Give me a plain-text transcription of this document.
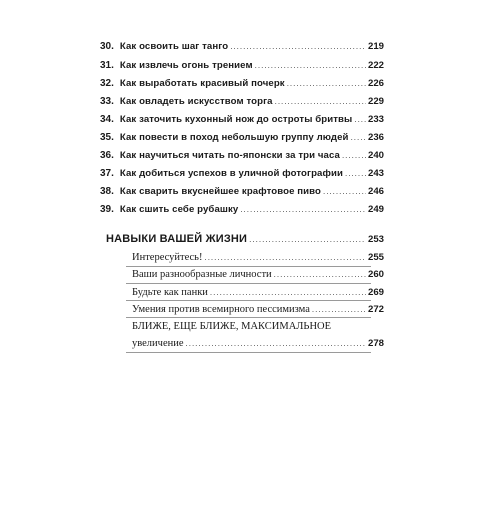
30. Как освоить шаг танго .....	219
31. Как извлечь огонь трением .....	222
32. Как выработать красивый почерк .....	226
33. Как овладеть искусством торга .....	229
34. Как заточить кухонный нож до остроты бритвы ..... 233
35. Как повести в поход небольшую группу людей ..... 236
36. Как научиться читать по-японски за три часа .....	240
37. Как добиться успехов в уличной фотографии .....	243
38. Как сварить вкуснейшее крафтовое пиво .....	246
39. Как сшить себе рубашку .....	249
НАВЫКИ ВАШЕЙ ЖИЗНИ .....	253
Интересуйтесь! .....	255
Ваши разнообразные личности .....	260
Будьте как панки .....	269
Умения против всемирного пессимизма .....	272
БЛИЖЕ, ЕЩЕ БЛИЖЕ, МАКСИМАЛЬНОЕ
увеличение .....	278
